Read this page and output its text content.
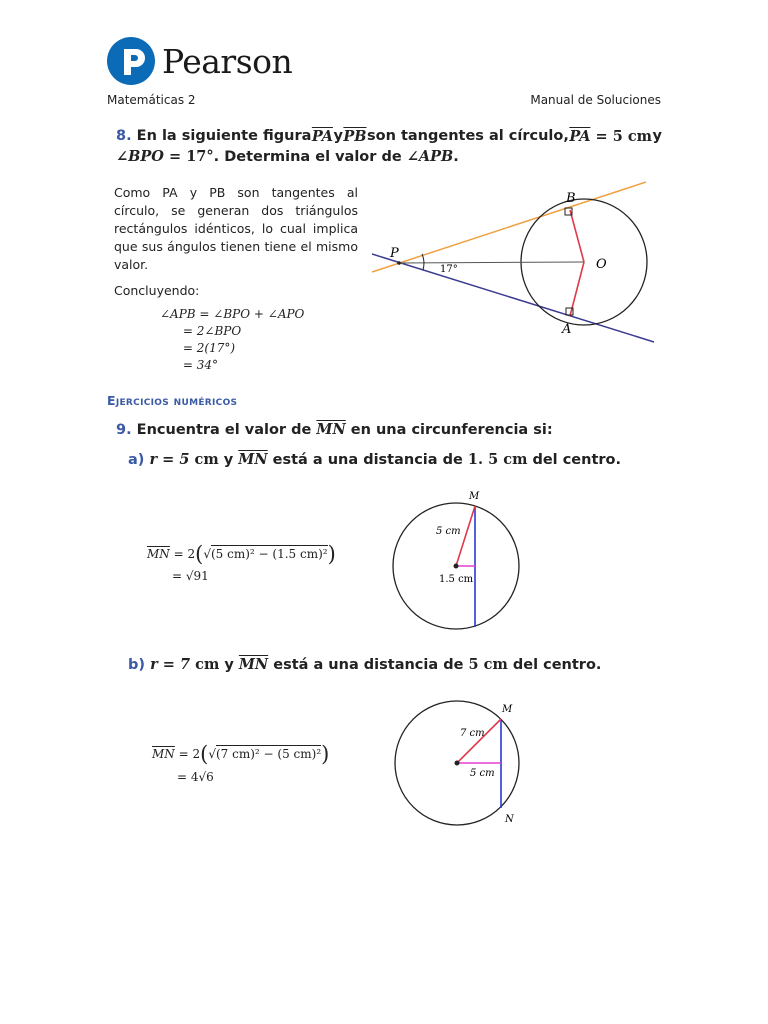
Pearson
Matemáticas 2	Manual de Soluciones
8. En la siguiente figura $\overline{PA}$ y $\overline{PB}$ son tangentes al círculo, $\overline{PA} = 5$ cm y
∠BPO = 17°. Determina el valor de ∠APB.
Como PA y PB son tangentes al círculo, se generan dos triángulos rectángulos idénticos, lo cual implica que sus ángulos tienen tiene el mismo valor.
Concluyendo:
∠APB = ∠BPO + ∠APO
= 2∠BPO
= 2(17°)
= 34°
P
B
O
A
17°
Ejercicios numéricos
9. Encuentra el valor de $\overline{MN}$ en una circunferencia si:
a) r = 5 cm y $\overline{MN}$ está a una distancia de 1. 5 cm del centro.
$\overline{MN} = 2(√(5$ cm)² − (1.5 cm)²)
= √91
M
5 cm
1.5 cm
b) r = 7 cm y $\overline{MN}$ está a una distancia de 5 cm del centro.
$\overline{MN} = 2(√(7$ cm)² − (5 cm)²)
= 4√6
M
N
7 cm
5 cm
